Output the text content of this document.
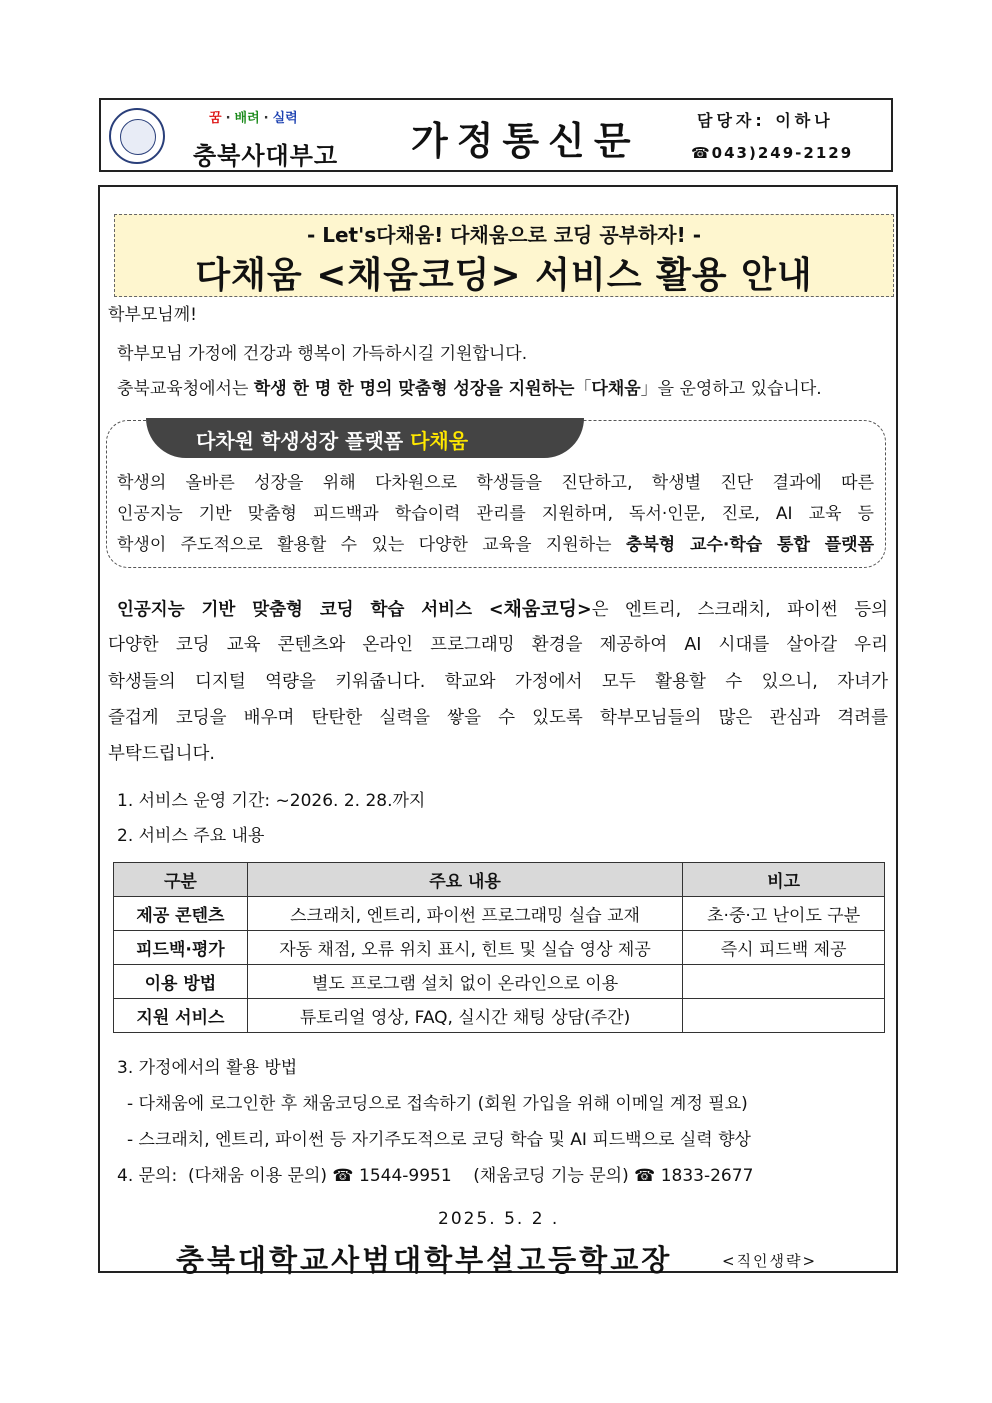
꿈 · 배려 · 실력
충북사대부고 가정통신문	담당자: 이하나
☎043)249-2129
- Let's다채움! 다채움으로 코딩 공부하자! -
다채움 <채움코딩> 서비스 활용 안내
학부모님께!
학부모님 가정에 건강과 행복이 가득하시길 기원합니다.
충북교육청에서는 학생 한 명 한 명의 맞춤형 성장을 지원하는「다채움」을 운영하고 있습니다.
다차원 학생성장 플랫폼 다채움
학생의 올바른 성장을 위해 다차원으로 학생들을 진단하고, 학생별 진단 결과에 따른
인공지능 기반 맞춤형 피드백과 학습이력 관리를 지원하며, 독서·인문, 진로, AI 교육 등
학생이 주도적으로 활용할 수 있는 다양한 교육을 지원하는 충북형 교수·학습 통합 플랫폼
인공지능 기반 맞춤형 코딩 학습 서비스 <채움코딩>은 엔트리, 스크래치, 파이썬 등의
다양한 코딩 교육 콘텐츠와 온라인 프로그래밍 환경을 제공하여 AI 시대를 살아갈 우리
학생들의 디지털 역량을 키워줍니다. 학교와 가정에서 모두 활용할 수 있으니, 자녀가
즐겁게 코딩을 배우며 탄탄한 실력을 쌓을 수 있도록 학부모님들의 많은 관심과 격려를
부탁드립니다.
1. 서비스 운영 기간: ~2026. 2. 28.까지
2. 서비스 주요 내용
구분	주요 내용	비고
제공 콘텐츠	스크래치, 엔트리, 파이썬 프로그래밍 실습 교재	초·중·고 난이도 구분
피드백·평가	자동 채점, 오류 위치 표시, 힌트 및 실습 영상 제공	즉시 피드백 제공
이용 방법	별도 프로그램 설치 없이 온라인으로 이용	
지원 서비스	튜토리얼 영상, FAQ, 실시간 채팅 상담(주간)	
3. 가정에서의 활용 방법
- 다채움에 로그인한 후 채움코딩으로 접속하기 (회원 가입을 위해 이메일 계정 필요)
- 스크래치, 엔트리, 파이썬 등 자기주도적으로 코딩 학습 및 AI 피드백으로 실력 향상
4. 문의:  (다채움 이용 문의) ☎ 1544-9951    (채움코딩 기능 문의) ☎ 1833-2677
2025. 5. 2 .
충북대학교사범대학부설고등학교장	<직인생략>
